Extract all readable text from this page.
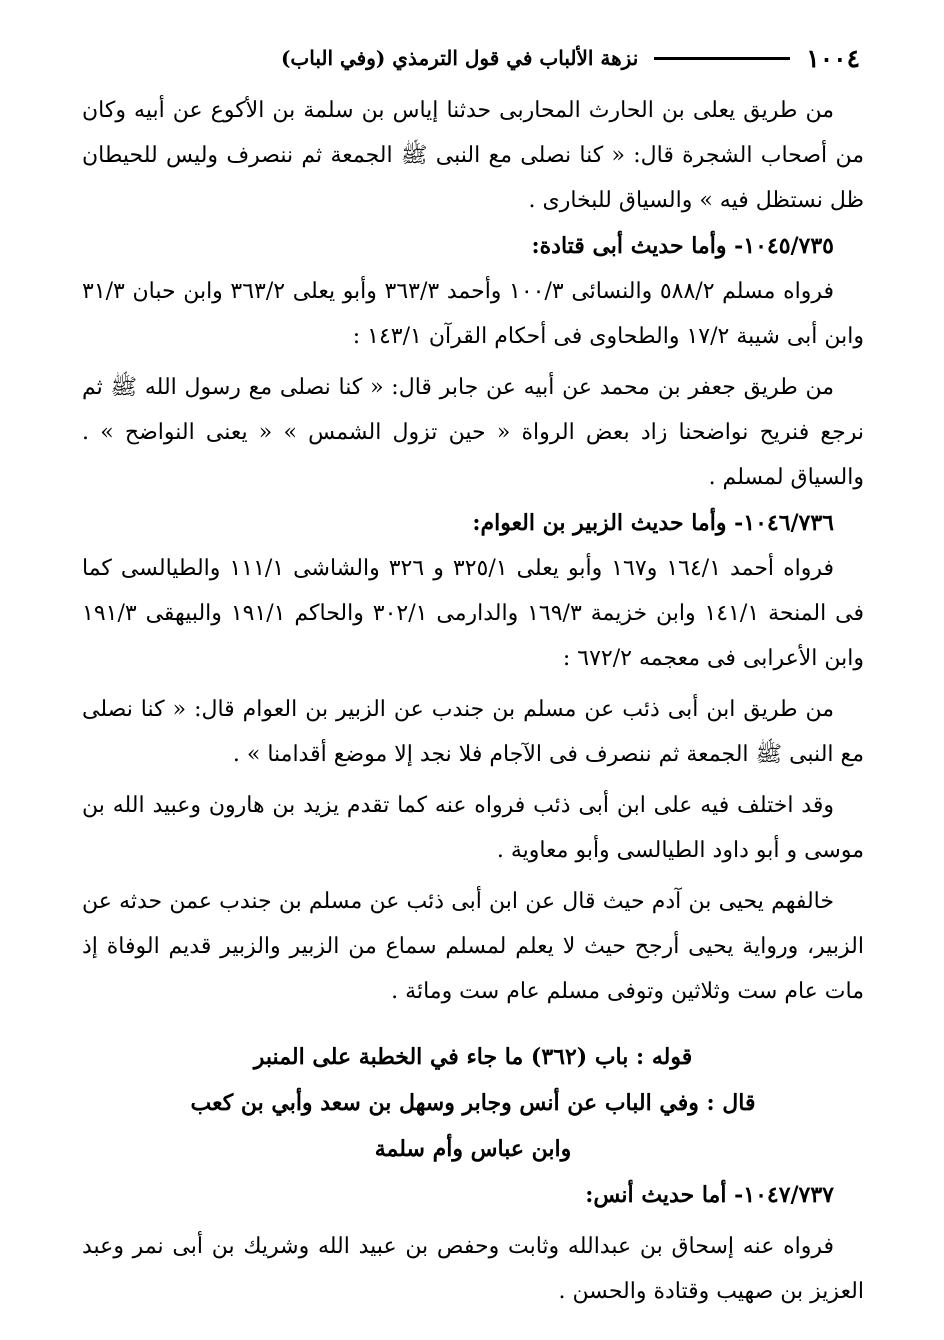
١٠٠٤
نزهة الألباب في قول الترمذي (وفي الباب)

من طريق يعلى بن الحارث المحاربى حدثنا إياس بن سلمة بن الأكوع عن أبيه وكان من أصحاب الشجرة قال: « كنا نصلى مع النبى ﷺ الجمعة ثم ننصرف وليس للحيطان ظل نستظل فيه » والسياق للبخارى .

١٠٤٥/٧٣٥- وأما حديث أبى قتادة:

فرواه مسلم ٥٨٨/٢ والنسائى ١٠٠/٣ وأحمد ٣٦٣/٣ وأبو يعلى ٣٦٣/٢ وابن حبان ٣١/٣ وابن أبى شيبة ١٧/٢ والطحاوى فى أحكام القرآن ١٤٣/١ :

من طريق جعفر بن محمد عن أبيه عن جابر قال: « كنا نصلى مع رسول الله ﷺ ثم نرجع فنريح نواضحنا زاد بعض الرواة « حين تزول الشمس » « يعنى النواضح » . والسياق لمسلم .

١٠٤٦/٧٣٦- وأما حديث الزبير بن العوام:

فرواه أحمد ١٦٤/١ و١٦٧ وأبو يعلى ٣٢٥/١ و ٣٢٦ والشاشى ١١١/١ والطيالسى كما فى المنحة ١٤١/١ وابن خزيمة ١٦٩/٣ والدارمى ٣٠٢/١ والحاكم ١٩١/١ والبيهقى ١٩١/٣ وابن الأعرابى فى معجمه ٦٧٢/٢ :

من طريق ابن أبى ذئب عن مسلم بن جندب عن الزبير بن العوام قال: « كنا نصلى مع النبى ﷺ الجمعة ثم ننصرف فى الآجام فلا نجد إلا موضع أقدامنا » .

وقد اختلف فيه على ابن أبى ذئب فرواه عنه كما تقدم يزيد بن هارون وعبيد الله بن موسى و أبو داود الطيالسى وأبو معاوية .

خالفهم يحيى بن آدم حيث قال عن ابن أبى ذئب عن مسلم بن جندب عمن حدثه عن الزبير، ورواية يحيى أرجح حيث لا يعلم لمسلم سماع من الزبير والزبير قديم الوفاة إذ مات عام ست وثلاثين وتوفى مسلم عام ست ومائة .

قوله : باب (٣٦٢) ما جاء في الخطبة على المنبر
قال : وفي الباب عن أنس وجابر وسهل بن سعد وأبي بن كعب
وابن عباس وأم سلمة
١٠٤٧/٧٣٧- أما حديث أنس:

فرواه عنه إسحاق بن عبدالله وثابت وحفص بن عبيد الله وشريك بن أبى نمر وعبد العزيز بن صهيب وقتادة والحسن .
